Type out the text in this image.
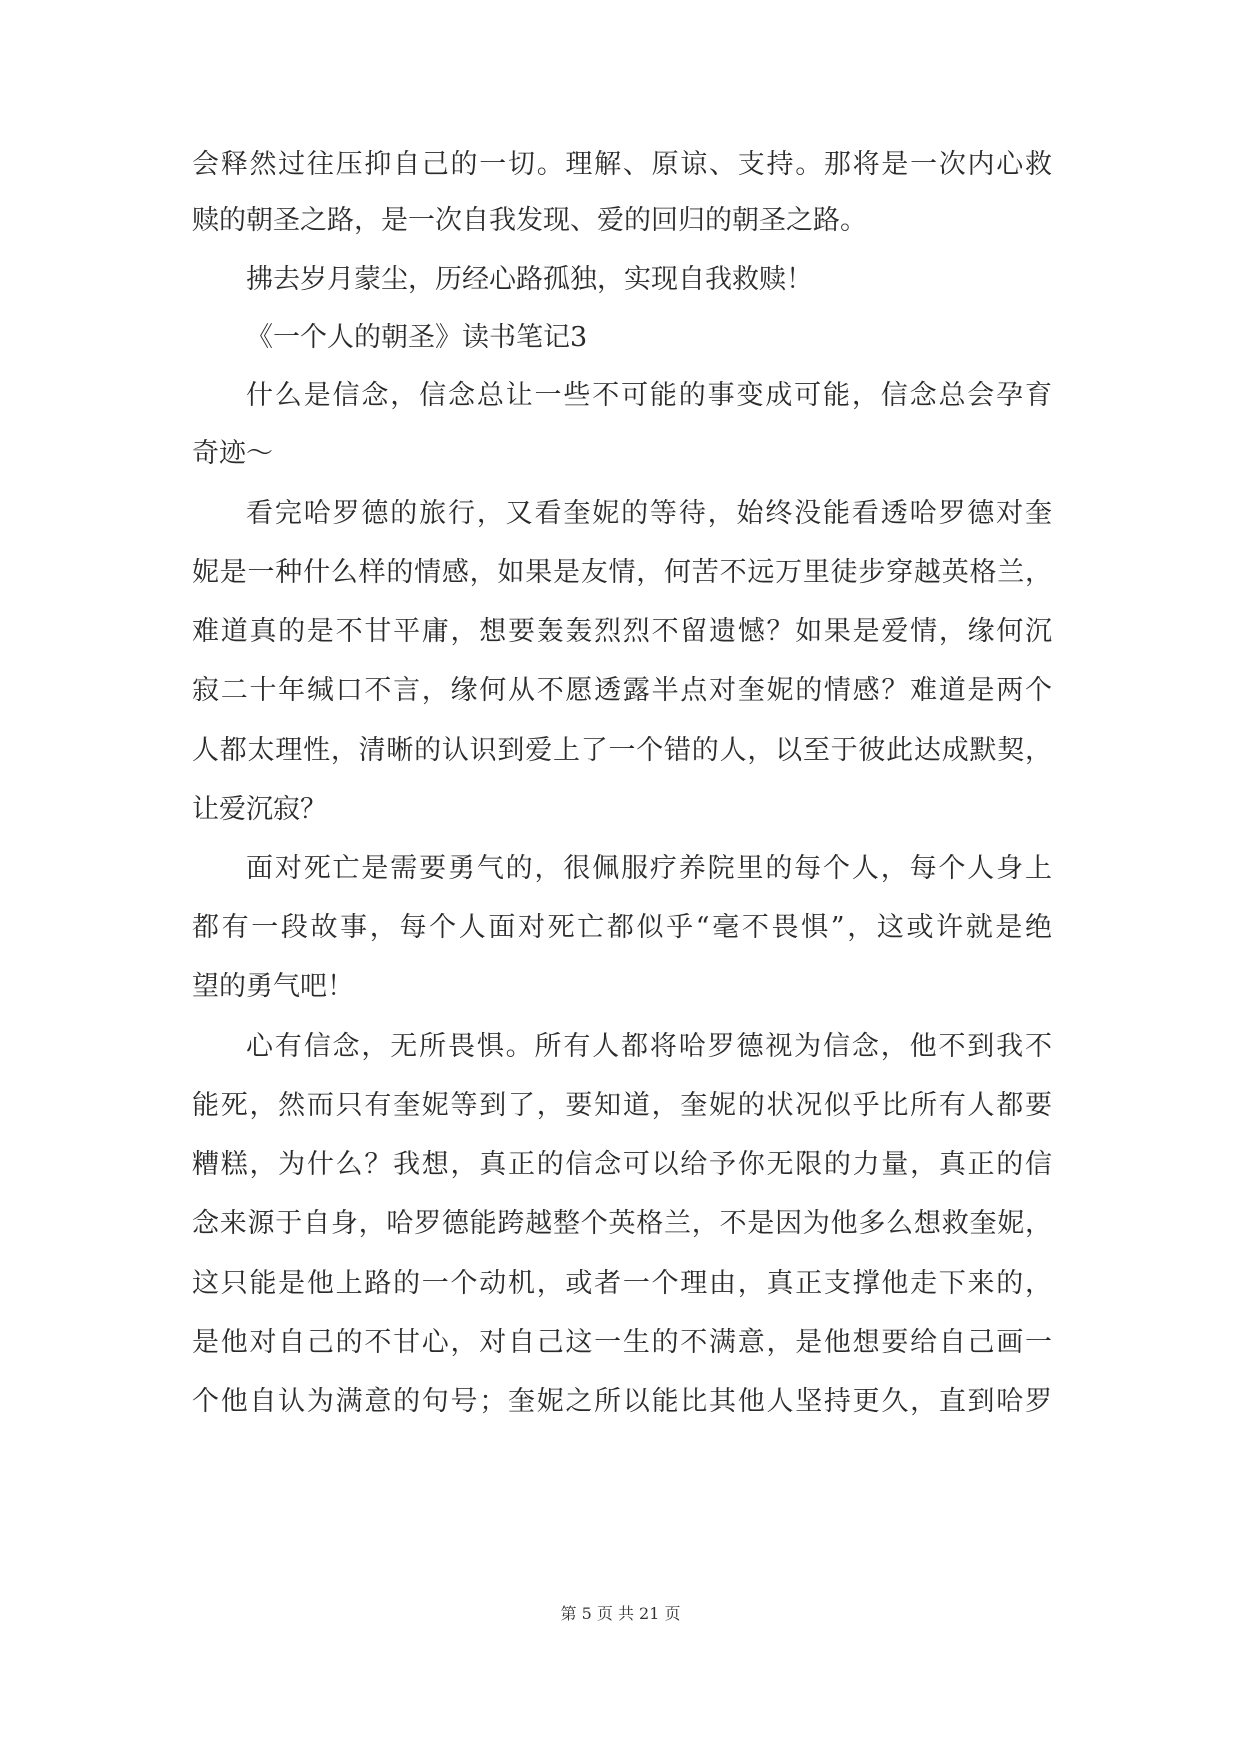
会释然过往压抑自己的一切。理解、原谅、支持。那将是一次内心救
赎的朝圣之路，是一次自我发现、爱的回归的朝圣之路。
拂去岁月蒙尘，历经心路孤独，实现自我救赎！
《一个人的朝圣》读书笔记3
什么是信念，信念总让一些不可能的事变成可能，信念总会孕育
奇迹～
看完哈罗德的旅行，又看奎妮的等待，始终没能看透哈罗德对奎
妮是一种什么样的情感，如果是友情，何苦不远万里徒步穿越英格兰，
难道真的是不甘平庸，想要轰轰烈烈不留遗憾？如果是爱情，缘何沉
寂二十年缄口不言，缘何从不愿透露半点对奎妮的情感？难道是两个
人都太理性，清晰的认识到爱上了一个错的人，以至于彼此达成默契，
让爱沉寂？
面对死亡是需要勇气的，很佩服疗养院里的每个人，每个人身上
都有一段故事，每个人面对死亡都似乎“毫不畏惧”，这或许就是绝
望的勇气吧！
心有信念，无所畏惧。所有人都将哈罗德视为信念，他不到我不
能死，然而只有奎妮等到了，要知道，奎妮的状况似乎比所有人都要
糟糕，为什么？我想，真正的信念可以给予你无限的力量，真正的信
念来源于自身，哈罗德能跨越整个英格兰，不是因为他多么想救奎妮，
这只能是他上路的一个动机，或者一个理由，真正支撑他走下来的，
是他对自己的不甘心，对自己这一生的不满意，是他想要给自己画一
个他自认为满意的句号；奎妮之所以能比其他人坚持更久，直到哈罗
第 5 页 共 21 页
